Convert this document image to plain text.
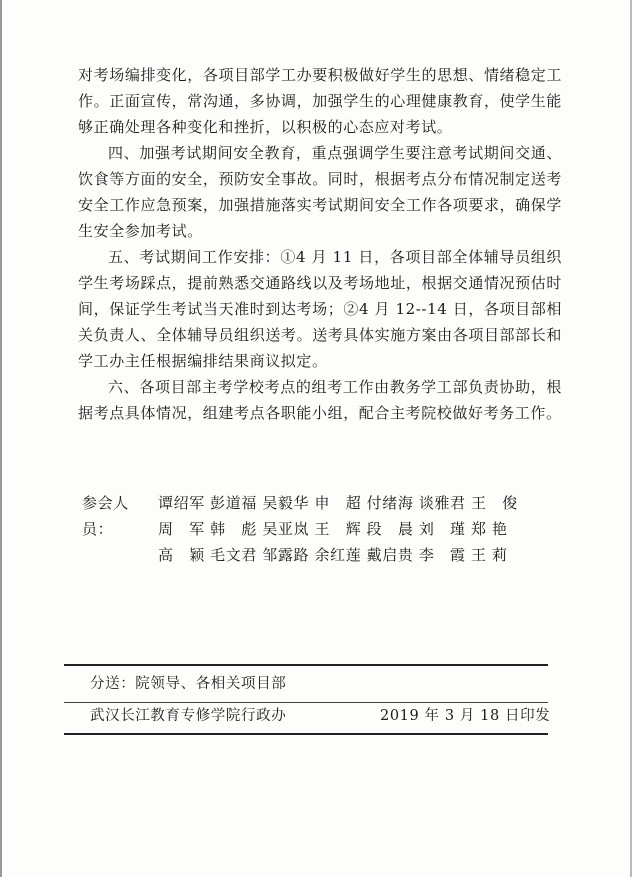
对考场编排变化，各项目部学工办要积极做好学生的思想、情绪稳定工作。正面宣传，常沟通，多协调，加强学生的心理健康教育，使学生能够正确处理各种变化和挫折，以积极的心态应对考试。

四、加强考试期间安全教育，重点强调学生要注意考试期间交通、饮食等方面的安全，预防安全事故。同时，根据考点分布情况制定送考安全工作应急预案，加强措施落实考试期间安全工作各项要求，确保学生安全参加考试。

五、考试期间工作安排：①4 月 11 日，各项目部全体辅导员组织学生考场踩点，提前熟悉交通路线以及考场地址，根据交通情况预估时间，保证学生考试当天准时到达考场；②4 月 12--14 日，各项目部相关负责人、全体辅导员组织送考。送考具体实施方案由各项目部部长和学工办主任根据编排结果商议拟定。

六、各项目部主考学校考点的组考工作由教务学工部负责协助，根据考点具体情况，组建考点各职能小组，配合主考院校做好考务工作。

参会人员：
谭绍军 彭道福 吴毅华 申　超 付绪海 谈雅君 王　俊
周　军 韩　彪 吴亚岚 王　辉 段　晨 刘　瑾 郑 艳
高　颖 毛文君 邹露路 余红莲 戴启贵 李　霞 王 莉
分送：院领导、各相关项目部
武汉长江教育专修学院行政办	2019 年 3 月 18 日印发
